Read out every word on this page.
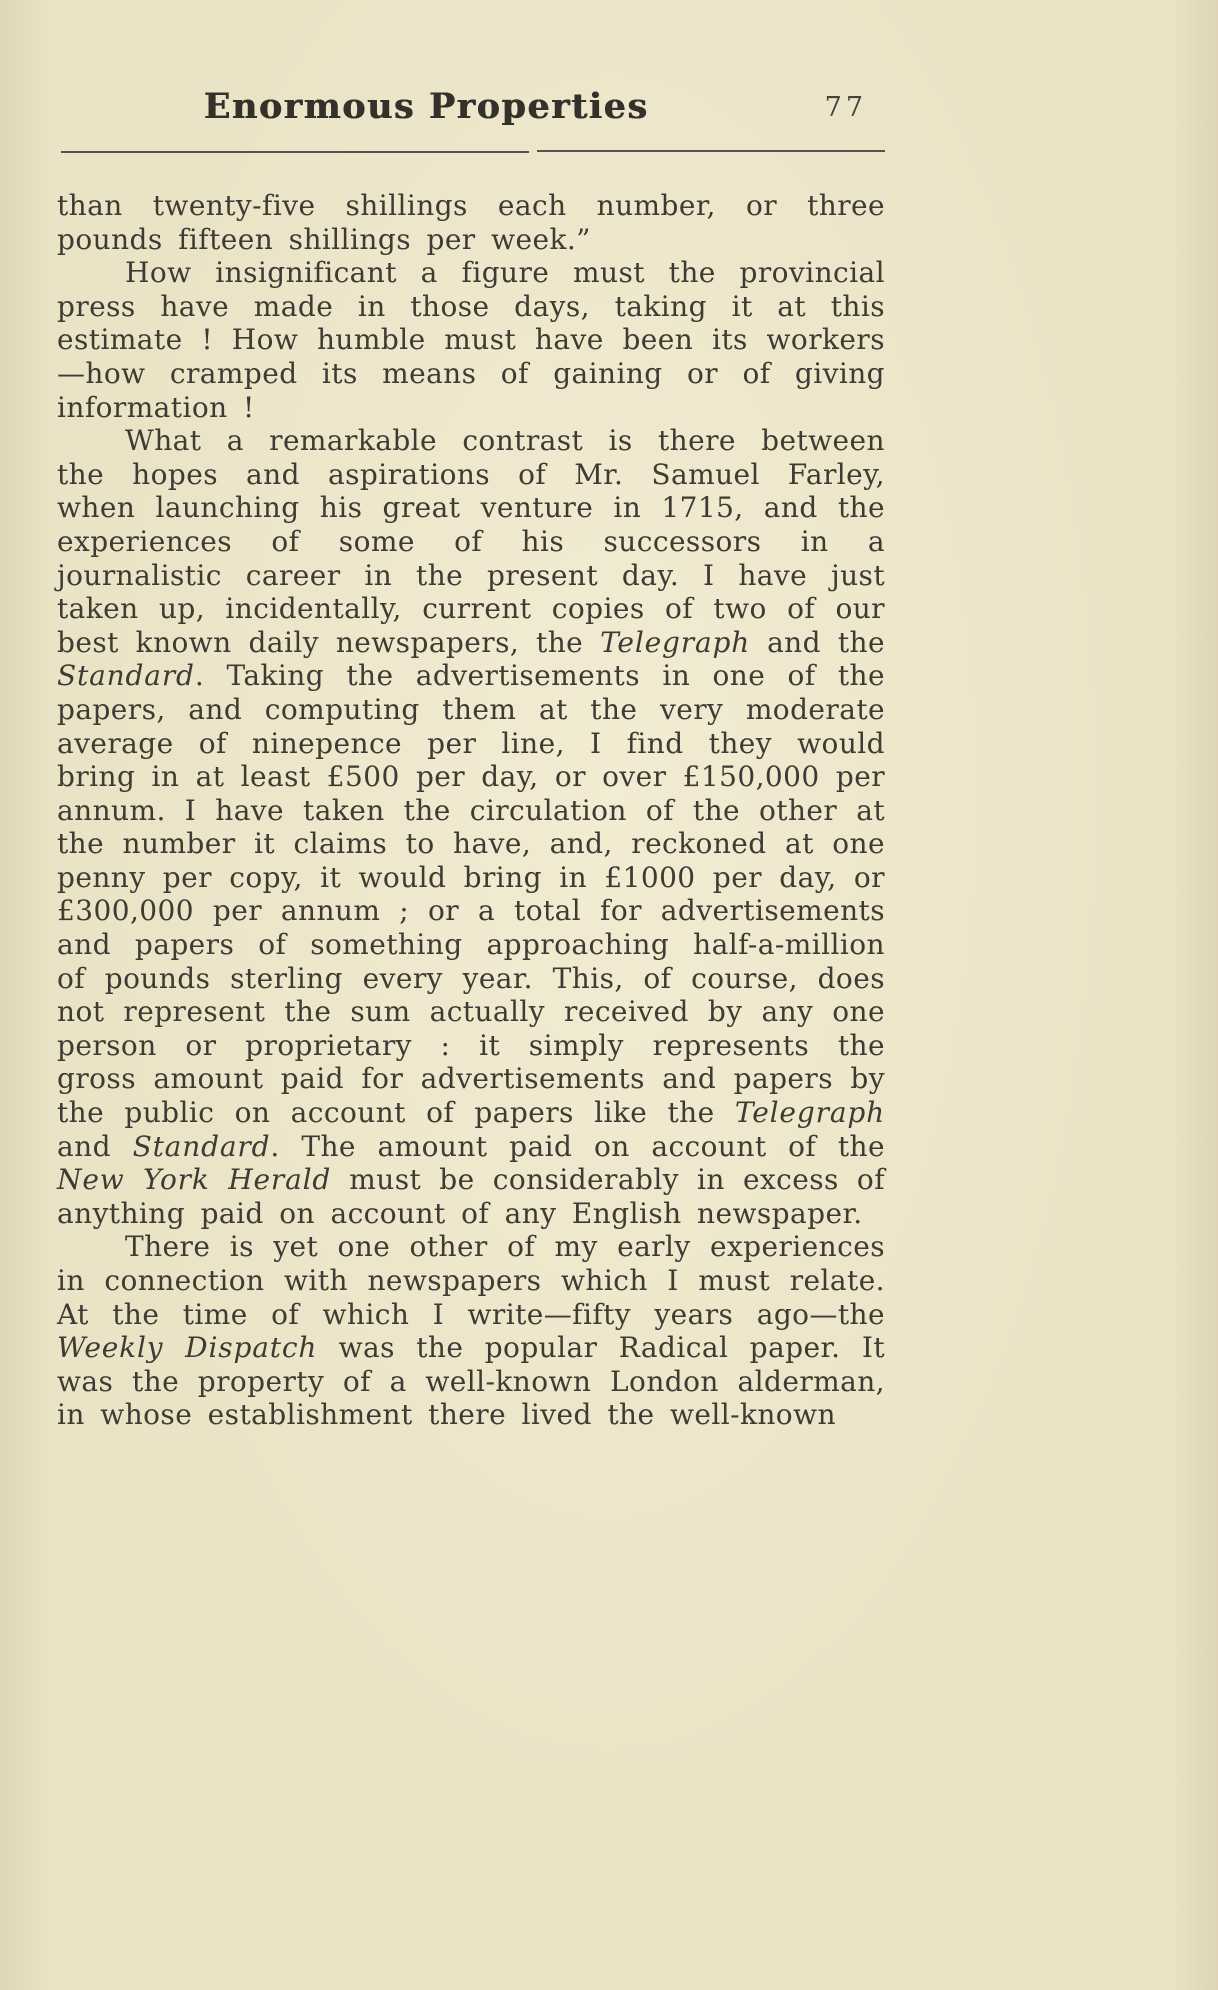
Enormous Properties	77

than twenty-five shillings each number, or three pounds fifteen shillings per week.”

How insignificant a figure must the provincial press have made in those days, taking it at this estimate ! How humble must have been its workers —how cramped its means of gaining or of giving information !

What a remarkable contrast is there between the hopes and aspirations of Mr. Samuel Farley, when launching his great venture in 1715, and the experiences of some of his successors in a journalistic career in the present day. I have just taken up, incidentally, current copies of two of our best known daily newspapers, the Telegraph and the Standard. Taking the advertisements in one of the papers, and computing them at the very moderate average of ninepence per line, I find they would bring in at least £500 per day, or over £150,000 per annum. I have taken the circulation of the other at the number it claims to have, and, reckoned at one penny per copy, it would bring in £1000 per day, or £300,000 per annum ; or a total for advertisements and papers of something approaching half-a-million of pounds sterling every year. This, of course, does not represent the sum actually received by any one person or proprietary : it simply represents the gross amount paid for advertisements and papers by the public on account of papers like the Telegraph and Standard. The amount paid on account of the New York Herald must be considerably in excess of anything paid on account of any English newspaper.

There is yet one other of my early experiences in connection with newspapers which I must relate. At the time of which I write—fifty years ago—the Weekly Dispatch was the popular Radical paper. It was the property of a well-known London alderman, in whose establishment there lived the well-known
